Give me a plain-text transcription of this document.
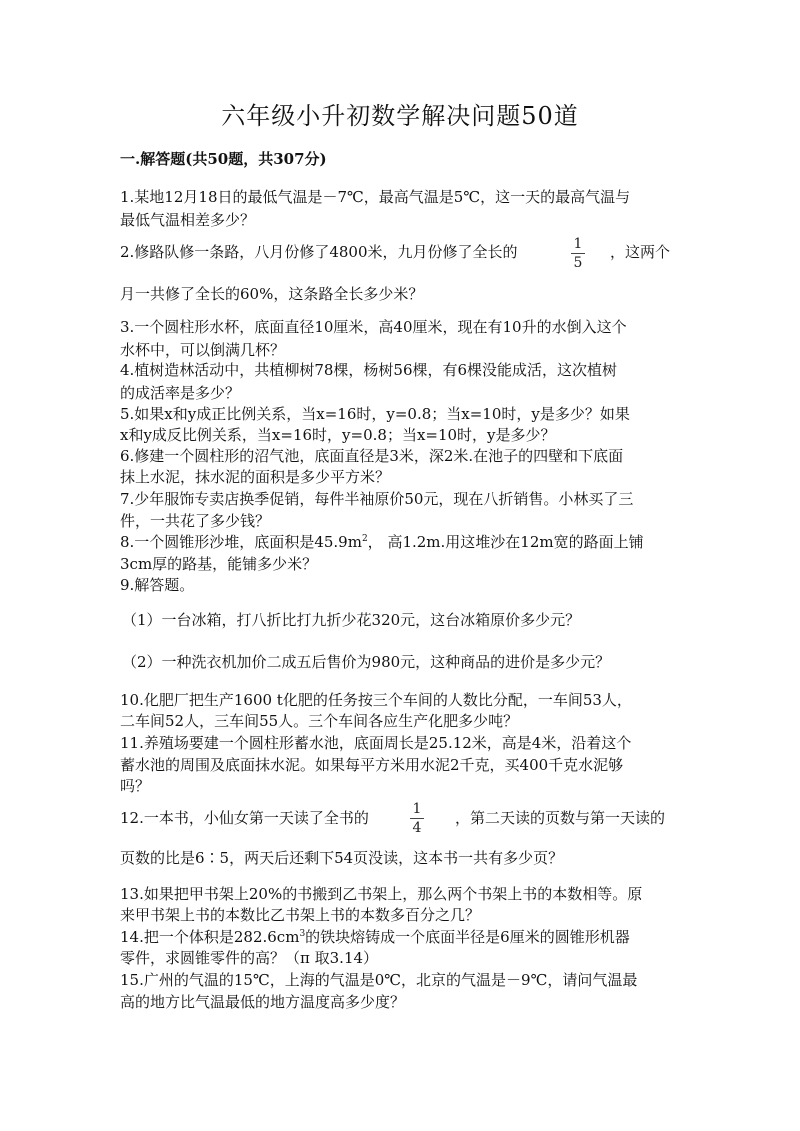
六年级小升初数学解决问题50道
一.解答题(共50题，共307分)
1.某地12月18日的最低气温是－7℃，最高气温是5℃，这一天的最高气温与
最低气温相差多少？
2.修路队修一条路，八月份修了4800米，九月份修了全长的	1
5
，这两个
月一共修了全长的60%，这条路全长多少米？
3.一个圆柱形水杯，底面直径10厘米，高40厘米，现在有10升的水倒入这个
水杯中，可以倒满几杯？
4.植树造林活动中，共植柳树78棵，杨树56棵，有6棵没能成活，这次植树
的成活率是多少？
5.如果x和y成正比例关系，当x=16时，y=0.8；当x=10时，y是多少？如果
x和y成反比例关系，当x=16时，y=0.8；当x=10时，y是多少？
6.修建一个圆柱形的沼气池，底面直径是3米，深2米.在池子的四壁和下底面
抹上水泥，抹水泥的面积是多少平方米？
7.少年服饰专卖店换季促销，每件半袖原价50元，现在八折销售。小林买了三
件，一共花了多少钱？
8.一个圆锥形沙堆，底面积是$45.9m^2$， 高1.2m.用这堆沙在12m宽的路面上铺
3cm厚的路基，能铺多少米？
9.解答题。
（1）一台冰箱，打八折比打九折少花320元，这台冰箱原价多少元？
（2）一种洗衣机加价二成五后售价为980元，这种商品的进价是多少元？
10.化肥厂把生产1600 t化肥的任务按三个车间的人数比分配，一车间53人，
二车间52人，三车间55人。三个车间各应生产化肥多少吨？
11.养殖场要建一个圆柱形蓄水池，底面周长是25.12米，高是4米，沿着这个
蓄水池的周围及底面抹水泥。如果每平方米用水泥2千克，买400千克水泥够
吗？
12.一本书，小仙女第一天读了全书的	1
4
，第二天读的页数与第一天读的
页数的比是6∶5，两天后还剩下54页没读，这本书一共有多少页？
13.如果把甲书架上20%的书搬到乙书架上，那么两个书架上书的本数相等。原
来甲书架上书的本数比乙书架上书的本数多百分之几？
14.把一个体积是$282.6cm^3$的铁块熔铸成一个底面半径是6厘米的圆锥形机器
零件，求圆锥零件的高？（π 取3.14）
15.广州的气温的15℃，上海的气温是0℃，北京的气温是－9℃，请问气温最
高的地方比气温最低的地方温度高多少度？
